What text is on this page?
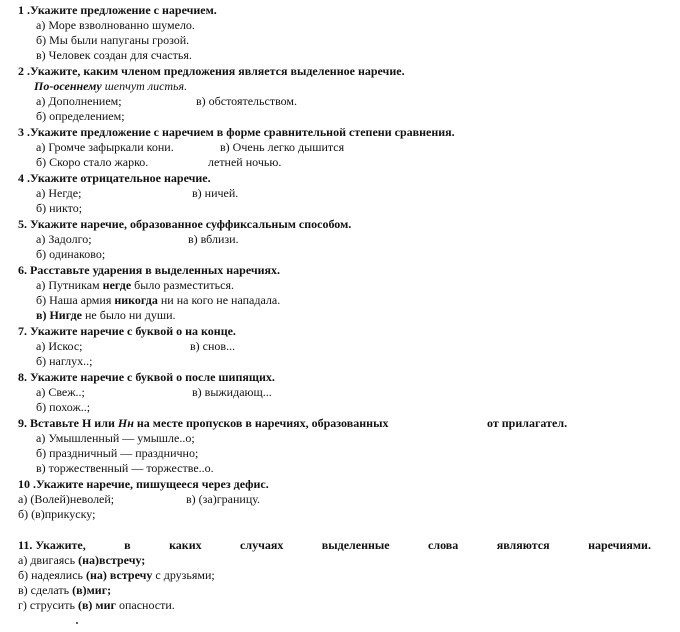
1 .Укажите предложение с наречием.
а) Море взволнованно шумело.
б) Мы были напуганы грозой.
в) Человек создан для счастья.
2 .Укажите, каким членом предложения является выделенное наречие.
По-осеннему шепчут листья.
а) Дополнением;	в) обстоятельством.
б) определением;
3 .Укажите предложение с наречием в форме сравнительной степени сравнения.
а) Громче зафыркали кони.	в) Очень легко дышится
б) Скоро стало жарко.	летней ночью.
4 .Укажите отрицательное наречие.
а) Негде;	в) ничей.
б) никто;
5. Укажите наречие, образованное суффиксальным способом.
а) Задолго;	в) вблизи.
б) одинаково;
6. Расставьте ударения в выделенных наречиях.
а) Путникам негде было разместиться.
б) Наша армия никогда ни на кого не нападала.
в) Нигде не было ни души.
7. Укажите наречие с буквой о на конце.
а) Искос;	в) снов...
б) наглух..;
8. Укажите наречие с буквой о после шипящих.
а) Свеж..;	в) выжидающ...
б) похож..;
9. Вставьте Н или Нн на месте пропусков в наречиях, образованных	от прилагател.
а) Умышленный — умышле..о;
б) праздничный — празднично;
в) торжественный — торжестве..о.
10 .Укажите наречие, пишущееся через дефис.
а) (Волей)неволей;	в) (за)границу.
б) (в)прикуску;
11. Укажите,	в	каких	случаях	выделенные	слова	являются	наречиями.
а) двигаясь (на)встречу;
б) надеялись (на) встречу с друзьями;
в) сделать (в)миг;
г) струсить (в) миг опасности.
